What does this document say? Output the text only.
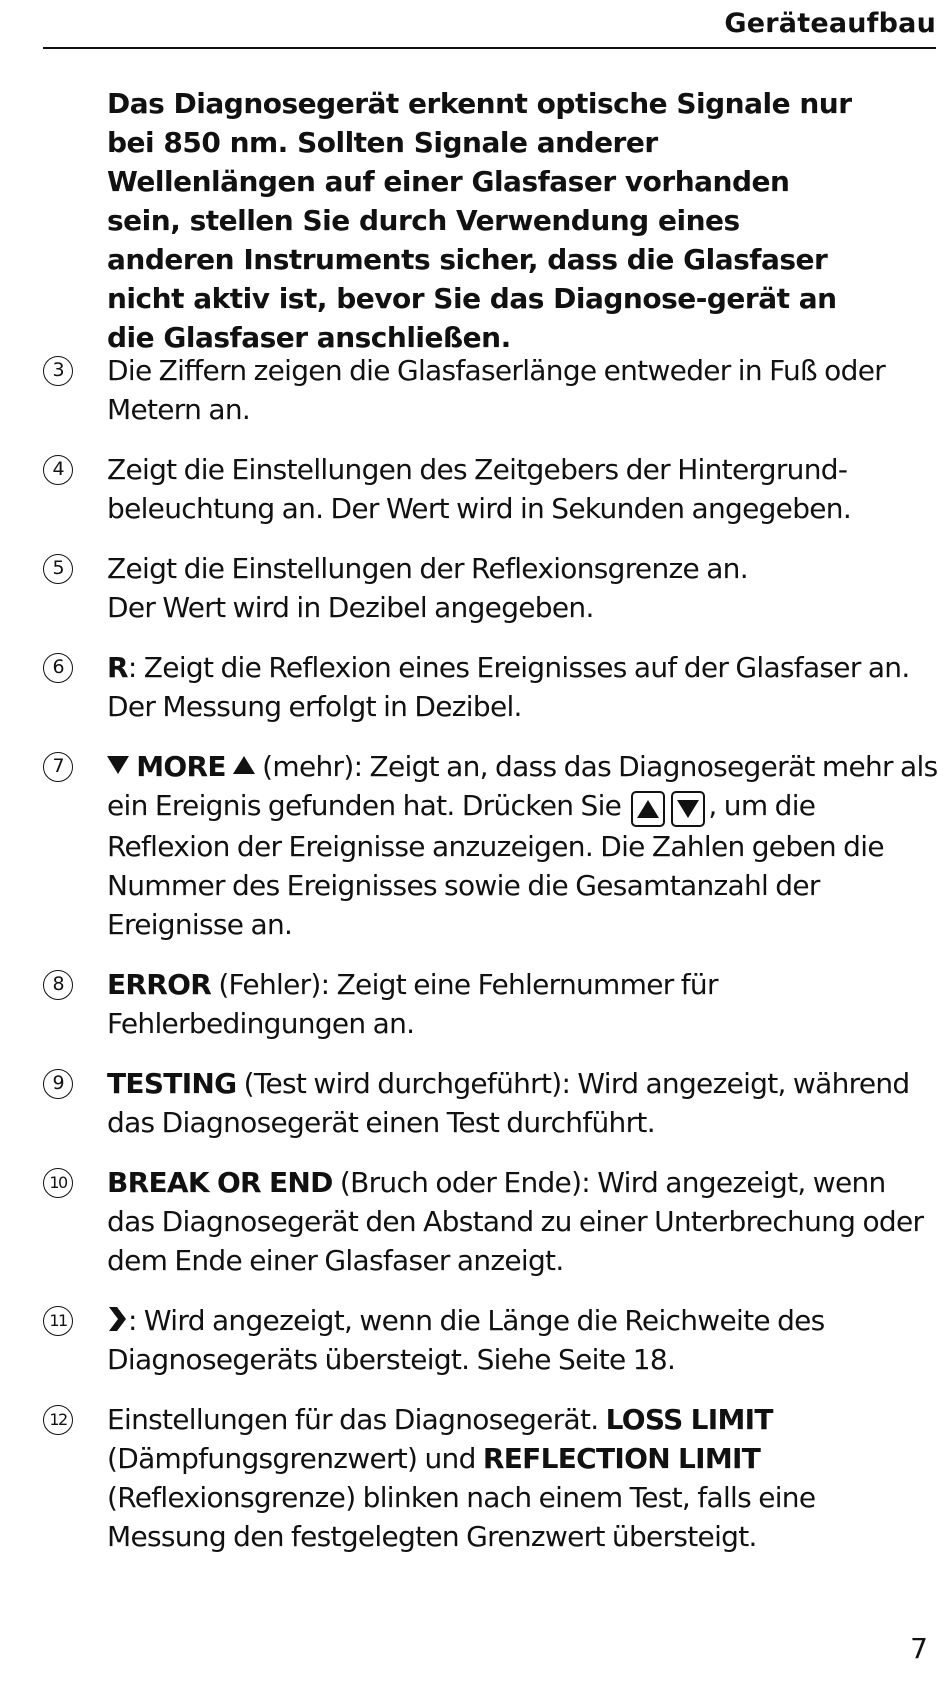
Geräteaufbau

Das Diagnosegerät erkennt optische Signale nur bei 850 nm. Sollten Signale anderer Wellenlängen auf einer Glasfaser vorhanden sein, stellen Sie durch Verwendung eines anderen Instruments sicher, dass die Glasfaser nicht aktiv ist, bevor Sie das Diagnose-gerät an die Glasfaser anschließen.

3	Die Ziffern zeigen die Glasfaserlänge entweder in Fuß oder Metern an.

4	Zeigt die Einstellungen des Zeitgebers der Hintergrundbeleuchtung an. Der Wert wird in Sekunden angegeben.

5	Zeigt die Einstellungen der Reflexionsgrenze an.
Der Wert wird in Dezibel angegeben.

6	R: Zeigt die Reflexion eines Ereignisses auf der Glasfaser an. Der Messung erfolgt in Dezibel.

7	MORE  (mehr): Zeigt an, dass das Diagnosegerät mehr als ein Ereignis gefunden hat. Drücken Sie	, um die Reflexion der Ereignisse anzuzeigen. Die Zahlen geben die Nummer des Ereignisses sowie die Gesamtanzahl der Ereignisse an.

8	ERROR (Fehler): Zeigt eine Fehlernummer für Fehlerbedingungen an.

9	TESTING (Test wird durchgeführt): Wird angezeigt, während das Diagnosegerät einen Test durchführt.

10 BREAK OR END (Bruch oder Ende): Wird angezeigt, wenn das Diagnosegerät den Abstand zu einer Unterbrechung oder dem Ende einer Glasfaser anzeigt.

11	: Wird angezeigt, wenn die Länge die Reichweite des Diagnosegeräts übersteigt. Siehe Seite 18.

12 Einstellungen für das Diagnosegerät. LOSS LIMIT (Dämpfungsgrenzwert) und REFLECTION LIMIT (Reflexionsgrenze) blinken nach einem Test, falls eine Messung den festgelegten Grenzwert übersteigt.

7
